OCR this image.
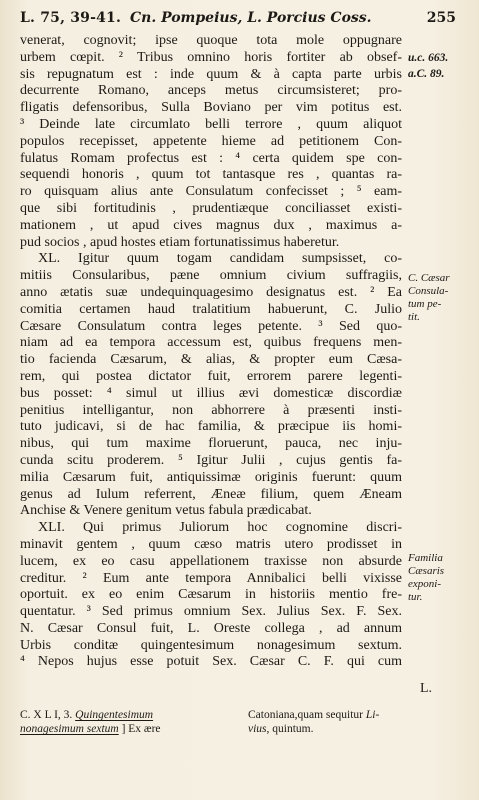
L. 75, 39-41. Cn. Pompeius, L. Porcius Coss.	255
venerat, cognovit; ipse quoque tota mole oppugnare
urbem cœpit. ² Tribus omnino horis fortiter ab obsef-
sis repugnatum est : inde quum & à capta parte urbis
decurrente Romano, anceps metus circumsisteret; pro-
fligatis defensoribus, Sulla Boviano per vim potitus est.
³ Deinde late circumlato belli terrore , quum aliquot
populos recepisset, appetente hieme ad petitionem Con-
fulatus Romam profectus est : ⁴ certa quidem spe con-
sequendi honoris , quum tot tantasque res , quantas ra-
ro quisquam alius ante Consulatum confecisset ; ⁵ eam-
que sibi fortitudinis , prudentiæque conciliasset existi-
mationem , ut apud cives magnus dux , maximus a-
pud socios , apud hostes etiam fortunatissimus haberetur.
XL. Igitur quum togam candidam sumpsisset, co-
mitiis Consularibus, pæne omnium civium suffragiis,
anno ætatis suæ undequinquagesimo designatus est. ² Ea
comitia certamen haud tralatitium habuerunt, C. Julio
Cæsare Consulatum contra leges petente. ³ Sed quo-
niam ad ea tempora accessum est, quibus frequens men-
tio facienda Cæsarum, & alias, & propter eum Cæsa-
rem, qui postea dictator fuit, errorem parere legenti-
bus posset: ⁴ simul ut illius ævi domesticæ discordiæ
penitius intelligantur, non abhorrere à præsenti insti-
tuto judicavi, si de hac familia, & præcipue iis homi-
nibus, qui tum maxime floruerunt, pauca, nec inju-
cunda scitu proderem. ⁵ Igitur Julii , cujus gentis fa-
milia Cæsarum fuit, antiquissimæ originis fuerunt: quum
genus ad Iulum referrent, Æneæ filium, quem Æneam
Anchise & Venere genitum vetus fabula prædicabat.
XLI. Qui primus Juliorum hoc cognomine discri-
minavit gentem , quum cæso matris utero prodisset in
lucem, ex eo casu appellationem traxisse non absurde
creditur. ² Eum ante tempora Annibalici belli vixisse
oportuit. ex eo enim Cæsarum in historiis mentio fre-
quentatur. ³ Sed primus omnium Sex. Julius Sex. F. Sex.
N. Cæsar Consul fuit, L. Oreste collega , ad annum
Urbis conditæ quingentesimum nonagesimum sextum.
⁴ Nepos hujus esse potuit Sex. Cæsar C. F. qui cum
u.c. 663.
a.C. 89.
C. Cæsar
Consula-
tum pe-
tit.
Familia
Cæsaris
exponi-
tur.
L.
C. X L I, 3. Quingentesimum
nonagesimum sextum ] Ex ære
Catoniana,quam sequitur Li-
vius, quintum.
